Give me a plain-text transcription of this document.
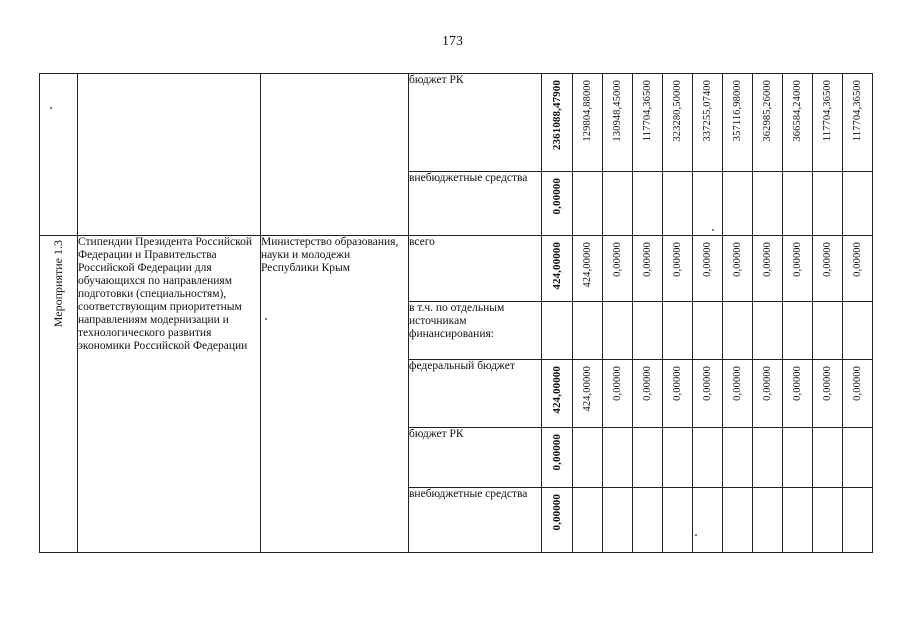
173
			бюджет РК	2361088,47900	129804,88000	130948,45000	117704,36500	323280,50000	337255,07400	357116,98000	362985,26000	366584,24000	117704,36500	117704,36500

			внебюджетные средства	0,00000										

Мероприятие 1.3	Стипендии Президента Российской Федерации и Правительства Российской Федерации для обучающихся по направлениям подготовки (специальностям), соответствующим приоритетным направлениям модернизации и технологического развития экономики Российской Федерации	Министерство образования, науки и молодежи Республики Крым	всего	424,00000	424,00000	0,00000	0,00000	0,00000	0,00000	0,00000	0,00000	0,00000	0,00000	0,00000

			в т.ч. по отдельным источникам финансирования:											
			федеральный бюджет	424,00000	424,00000	0,00000	0,00000	0,00000	0,00000	0,00000	0,00000	0,00000	0,00000	0,00000

			бюджет РК	0,00000										

			внебюджетные средства	0,00000										
